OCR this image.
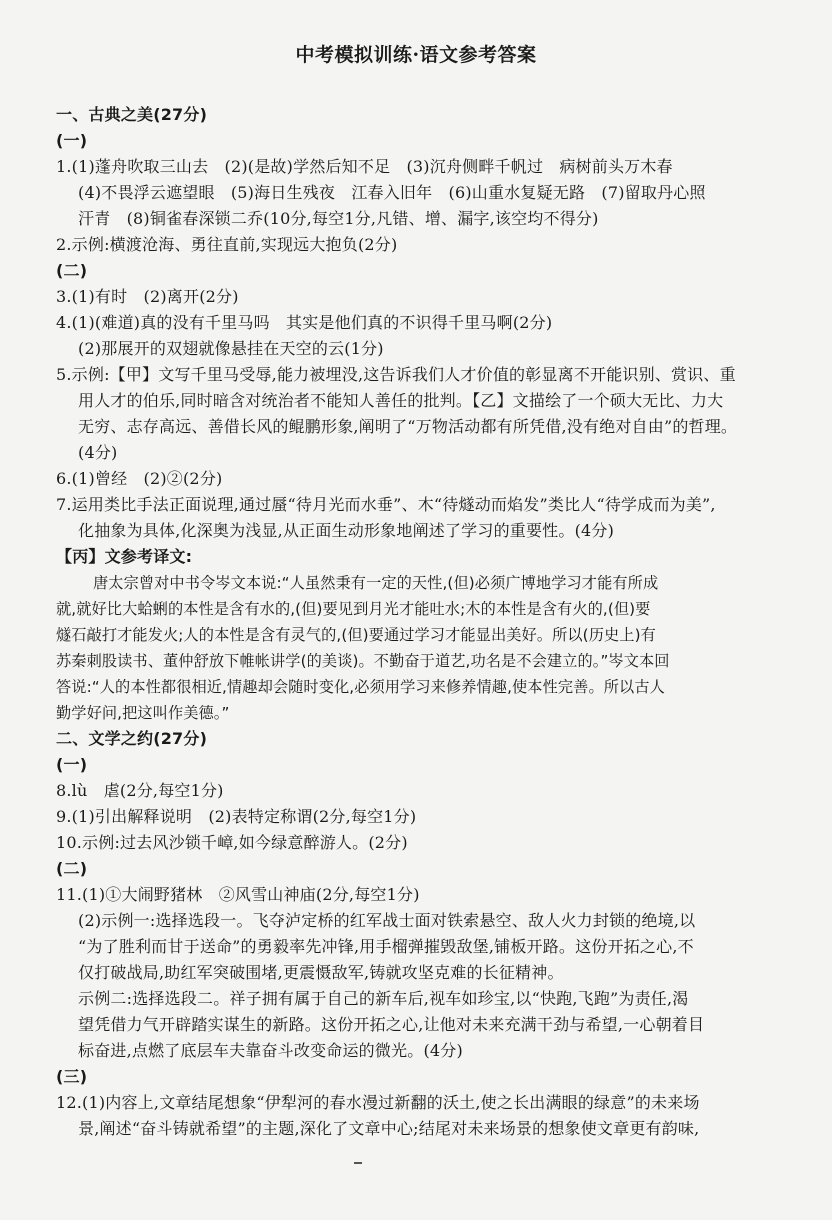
中考模拟训练·语文参考答案
一、古典之美(27分)
(一)
1.(1)蓬舟吹取三山去　(2)(是故)学然后知不足　(3)沉舟侧畔千帆过　病树前头万木春
(4)不畏浮云遮望眼　(5)海日生残夜　江春入旧年　(6)山重水复疑无路　(7)留取丹心照
汗青　(8)铜雀春深锁二乔(10分,每空1分,凡错、增、漏字,该空均不得分)
2.示例:横渡沧海、勇往直前,实现远大抱负(2分)
(二)
3.(1)有时　(2)离开(2分)
4.(1)(难道)真的没有千里马吗　其实是他们真的不识得千里马啊(2分)
(2)那展开的双翅就像悬挂在天空的云(1分)
5.示例:【甲】文写千里马受辱,能力被埋没,这告诉我们人才价值的彰显离不开能识别、赏识、重
用人才的伯乐,同时暗含对统治者不能知人善任的批判。【乙】文描绘了一个硕大无比、力大
无穷、志存高远、善借长风的鲲鹏形象,阐明了“万物活动都有所凭借,没有绝对自由”的哲理。
(4分)
6.(1)曾经　(2)②(2分)
7.运用类比手法正面说理,通过蜃“待月光而水垂”、木“待燧动而焰发”类比人“待学成而为美”,
化抽象为具体,化深奥为浅显,从正面生动形象地阐述了学习的重要性。(4分)
【丙】文参考译文:
唐太宗曾对中书令岑文本说:“人虽然秉有一定的天性,(但)必须广博地学习才能有所成
就,就好比大蛤蜊的本性是含有水的,(但)要见到月光才能吐水;木的本性是含有火的,(但)要
燧石敲打才能发火;人的本性是含有灵气的,(但)要通过学习才能显出美好。所以(历史上)有
苏秦刺股读书、董仲舒放下帷帐讲学(的美谈)。不勤奋于道艺,功名是不会建立的。”岑文本回
答说:“人的本性都很相近,情趣却会随时变化,必须用学习来修养情趣,使本性完善。所以古人
勤学好问,把这叫作美德。”
二、文学之约(27分)
(一)
8.lù　虐(2分,每空1分)
9.(1)引出解释说明　(2)表特定称谓(2分,每空1分)
10.示例:过去风沙锁千嶂,如今绿意醉游人。(2分)
(二)
11.(1)①大闹野猪林　②风雪山神庙(2分,每空1分)
(2)示例一:选择选段一。飞夺泸定桥的红军战士面对铁索悬空、敌人火力封锁的绝境,以
“为了胜利而甘于送命”的勇毅率先冲锋,用手榴弹摧毁敌堡,铺板开路。这份开拓之心,不
仅打破战局,助红军突破围堵,更震慑敌军,铸就攻坚克难的长征精神。
示例二:选择选段二。祥子拥有属于自己的新车后,视车如珍宝,以“快跑,飞跑”为责任,渴
望凭借力气开辟踏实谋生的新路。这份开拓之心,让他对未来充满干劲与希望,一心朝着目
标奋进,点燃了底层车夫靠奋斗改变命运的微光。(4分)
(三)
12.(1)内容上,文章结尾想象“伊犁河的春水漫过新翻的沃土,使之长出满眼的绿意”的未来场
景,阐述“奋斗铸就希望”的主题,深化了文章中心;结尾对未来场景的想象使文章更有韵味,
